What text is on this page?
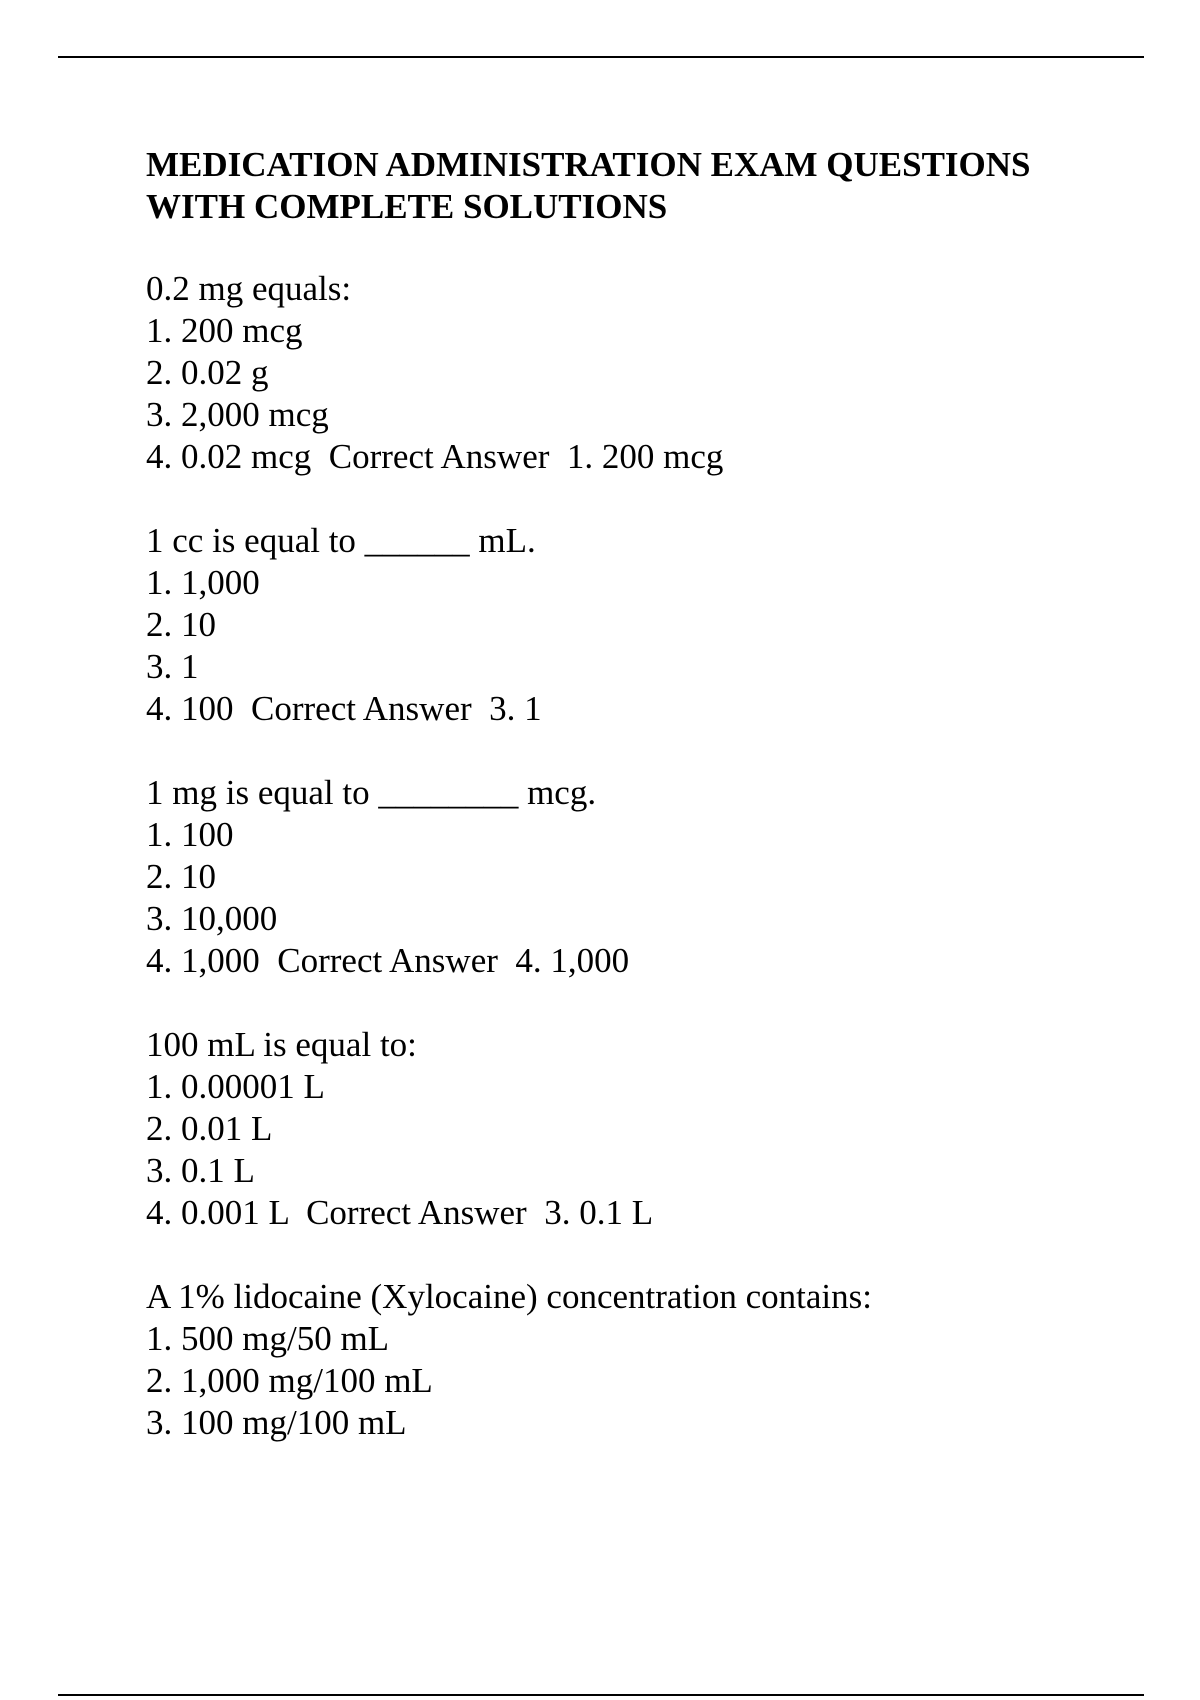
MEDICATION ADMINISTRATION EXAM QUESTIONS
WITH COMPLETE SOLUTIONS
0.2 mg equals:
1. 200 mcg
2. 0.02 g
3. 2,000 mcg
4. 0.02 mcg  Correct Answer  1. 200 mcg
1 cc is equal to ______ mL.
1. 1,000
2. 10
3. 1
4. 100  Correct Answer  3. 1
1 mg is equal to ________ mcg.
1. 100
2. 10
3. 10,000
4. 1,000  Correct Answer  4. 1,000
100 mL is equal to:
1. 0.00001 L
2. 0.01 L
3. 0.1 L
4. 0.001 L  Correct Answer  3. 0.1 L
A 1% lidocaine (Xylocaine) concentration contains:
1. 500 mg/50 mL
2. 1,000 mg/100 mL
3. 100 mg/100 mL
